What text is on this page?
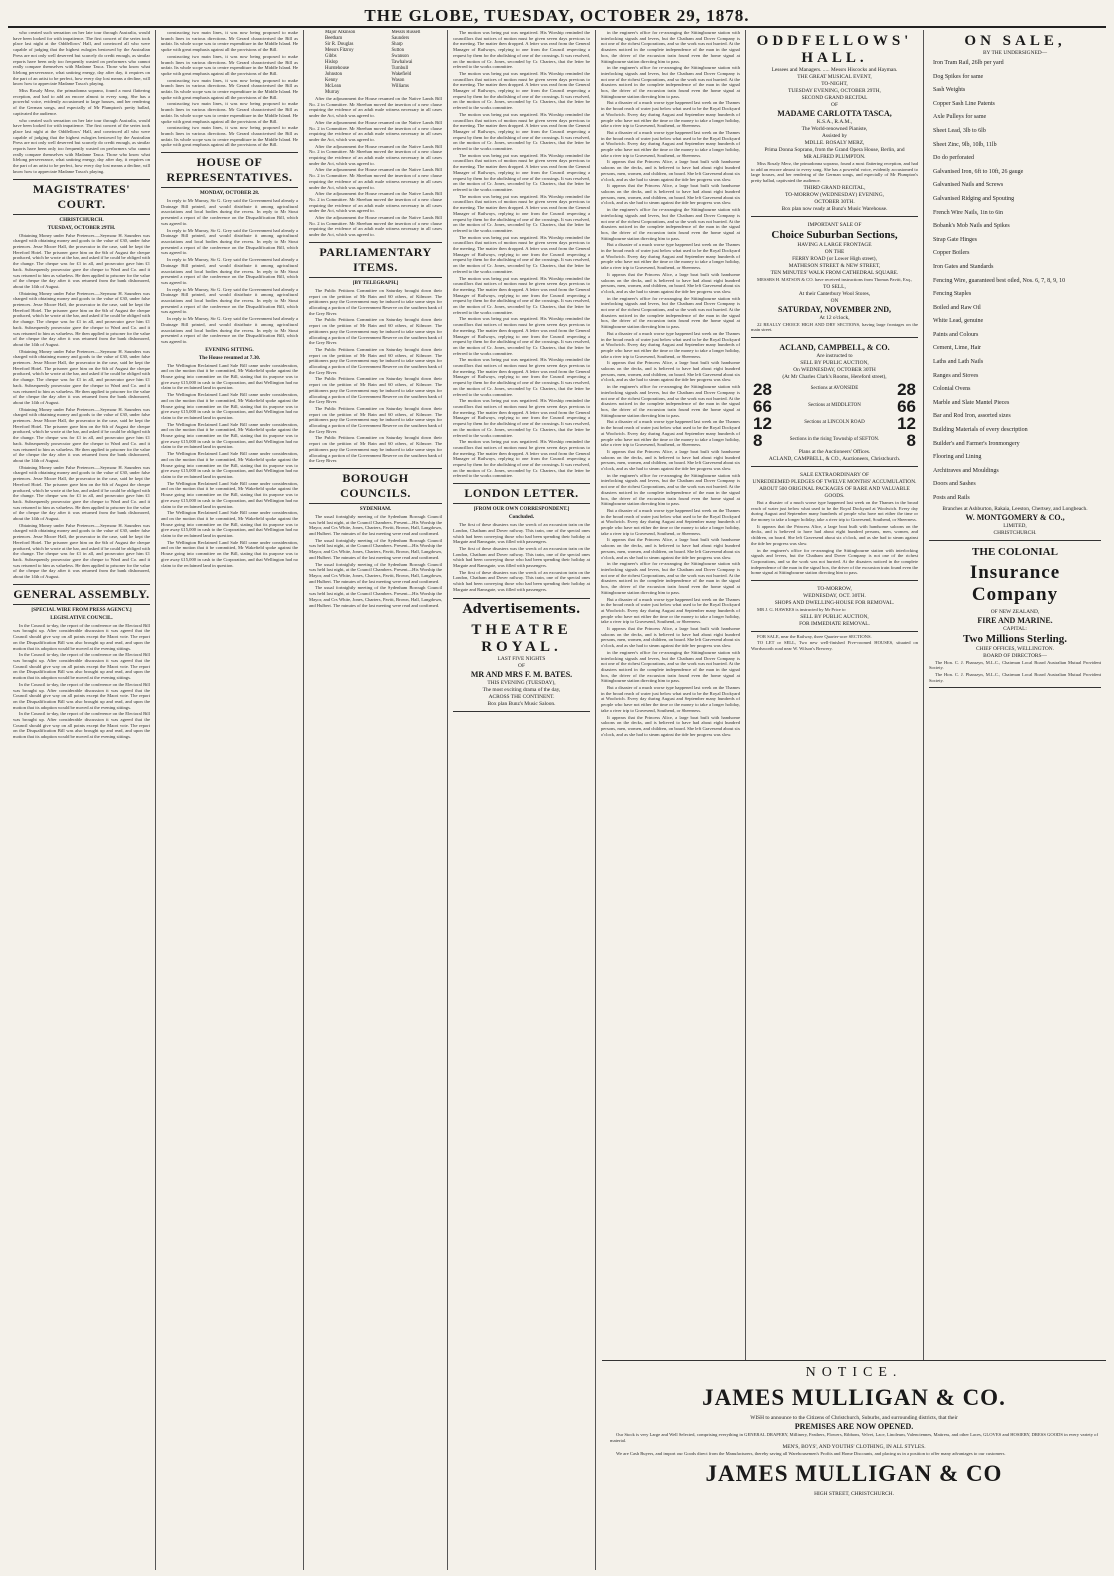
THE GLOBE, TUESDAY, OCTOBER 29, 1878.

who created such sensation on her late tour through Australia, would have been looked for with impatience. The first concert of the series took place last night at the Oddfellows' Hall, and convinced all who were capable of judging that the highest eulogies bestowed by the Australian Press are not only well deserved but scarcely do credit enough, as similar reports have been only too frequently wasted on performers who cannot really compare themselves with Madame Tasca. Those who know what lifelong perseverance, what untiring energy, day after day, it requires on the part of an artist to be perfect, how every day lost means a decline, will know how to appreciate Madame Tasca's playing.

Miss Rosaly Merz, the primadonna soprano, found a most flattering reception, and had to add an encore almost to every song. She has a powerful voice, evidently accustomed to large houses, and her rendering of the German songs, and especially of Mr Plumpton's pretty ballad, captivated the audience.

who created such sensation on her late tour through Australia, would have been looked for with impatience. The first concert of the series took place last night at the Oddfellows' Hall, and convinced all who were capable of judging that the highest eulogies bestowed by the Australian Press are not only well deserved but scarcely do credit enough, as similar reports have been only too frequently wasted on performers who cannot really compare themselves with Madame Tasca. Those who know what lifelong perseverance, what untiring energy, day after day, it requires on the part of an artist to be perfect, how every day lost means a decline, will know how to appreciate Madame Tasca's playing.

MAGISTRATES' COURT.
CHRISTCHURCH.
TUESDAY, OCTOBER 29TH.

Obtaining Money under False Pretences.—Seymour H. Saunders was charged with obtaining money and goods to the value of £30, under false pretences. Jesse Moore Hall, the prosecutor in the case, said he kept the Hereford Hotel. The prisoner gave him on the 6th of August the cheque produced, which he wrote at the bar, and asked if he could be obliged with the change. The cheque was for £1 in all, and prosecutor gave him £1 back. Subsequently prosecutor gave the cheque to Ward and Co. and it was returned to him as valueless. He then applied to prisoner for the value of the cheque the day after it was returned from the bank dishonored, about the 14th of August.

Obtaining Money under False Pretences.—Seymour H. Saunders was charged with obtaining money and goods to the value of £30, under false pretences. Jesse Moore Hall, the prosecutor in the case, said he kept the Hereford Hotel. The prisoner gave him on the 6th of August the cheque produced, which he wrote at the bar, and asked if he could be obliged with the change. The cheque was for £1 in all, and prosecutor gave him £1 back. Subsequently prosecutor gave the cheque to Ward and Co. and it was returned to him as valueless. He then applied to prisoner for the value of the cheque the day after it was returned from the bank dishonored, about the 14th of August.

Obtaining Money under False Pretences.—Seymour H. Saunders was charged with obtaining money and goods to the value of £30, under false pretences. Jesse Moore Hall, the prosecutor in the case, said he kept the Hereford Hotel. The prisoner gave him on the 6th of August the cheque produced, which he wrote at the bar, and asked if he could be obliged with the change. The cheque was for £1 in all, and prosecutor gave him £1 back. Subsequently prosecutor gave the cheque to Ward and Co. and it was returned to him as valueless. He then applied to prisoner for the value of the cheque the day after it was returned from the bank dishonored, about the 14th of August.

Obtaining Money under False Pretences.—Seymour H. Saunders was charged with obtaining money and goods to the value of £30, under false pretences. Jesse Moore Hall, the prosecutor in the case, said he kept the Hereford Hotel. The prisoner gave him on the 6th of August the cheque produced, which he wrote at the bar, and asked if he could be obliged with the change. The cheque was for £1 in all, and prosecutor gave him £1 back. Subsequently prosecutor gave the cheque to Ward and Co. and it was returned to him as valueless. He then applied to prisoner for the value of the cheque the day after it was returned from the bank dishonored, about the 14th of August.

Obtaining Money under False Pretences.—Seymour H. Saunders was charged with obtaining money and goods to the value of £30, under false pretences. Jesse Moore Hall, the prosecutor in the case, said he kept the Hereford Hotel. The prisoner gave him on the 6th of August the cheque produced, which he wrote at the bar, and asked if he could be obliged with the change. The cheque was for £1 in all, and prosecutor gave him £1 back. Subsequently prosecutor gave the cheque to Ward and Co. and it was returned to him as valueless. He then applied to prisoner for the value of the cheque the day after it was returned from the bank dishonored, about the 14th of August.

Obtaining Money under False Pretences.—Seymour H. Saunders was charged with obtaining money and goods to the value of £30, under false pretences. Jesse Moore Hall, the prosecutor in the case, said he kept the Hereford Hotel. The prisoner gave him on the 6th of August the cheque produced, which he wrote at the bar, and asked if he could be obliged with the change. The cheque was for £1 in all, and prosecutor gave him £1 back. Subsequently prosecutor gave the cheque to Ward and Co. and it was returned to him as valueless. He then applied to prisoner for the value of the cheque the day after it was returned from the bank dishonored, about the 14th of August.

GENERAL ASSEMBLY.
[SPECIAL WIRE FROM PRESS AGENCY.]
LEGISLATIVE COUNCIL.

In the Council to-day, the report of the conference on the Electoral Bill was brought up. After considerable discussion it was agreed that the Council should give way on all points except the Maori vote. The report on the Disqualification Bill was also brought up and read, and upon the motion that its adoption would be moved at the evening sittings.

In the Council to-day, the report of the conference on the Electoral Bill was brought up. After considerable discussion it was agreed that the Council should give way on all points except the Maori vote. The report on the Disqualification Bill was also brought up and read, and upon the motion that its adoption would be moved at the evening sittings.

In the Council to-day, the report of the conference on the Electoral Bill was brought up. After considerable discussion it was agreed that the Council should give way on all points except the Maori vote. The report on the Disqualification Bill was also brought up and read, and upon the motion that its adoption would be moved at the evening sittings.

In the Council to-day, the report of the conference on the Electoral Bill was brought up. After considerable discussion it was agreed that the Council should give way on all points except the Maori vote. The report on the Disqualification Bill was also brought up and read, and upon the motion that its adoption would be moved at the evening sittings.

constructing two main lines, it was now being proposed to make branch lines in various directions. Mr Gerard characterised the Bill as unfair. Its whole scope was to centre expenditure in the Middle Island. He spoke with great emphasis against all the provisions of the Bill.

constructing two main lines, it was now being proposed to make branch lines in various directions. Mr Gerard characterised the Bill as unfair. Its whole scope was to centre expenditure in the Middle Island. He spoke with great emphasis against all the provisions of the Bill.

constructing two main lines, it was now being proposed to make branch lines in various directions. Mr Gerard characterised the Bill as unfair. Its whole scope was to centre expenditure in the Middle Island. He spoke with great emphasis against all the provisions of the Bill.

constructing two main lines, it was now being proposed to make branch lines in various directions. Mr Gerard characterised the Bill as unfair. Its whole scope was to centre expenditure in the Middle Island. He spoke with great emphasis against all the provisions of the Bill.

constructing two main lines, it was now being proposed to make branch lines in various directions. Mr Gerard characterised the Bill as unfair. Its whole scope was to centre expenditure in the Middle Island. He spoke with great emphasis against all the provisions of the Bill.

HOUSE OF REPRESENTATIVES.
MONDAY, OCTOBER 28.

In reply to Mr Murray, Sir G. Grey said the Government had already a Drainage Bill printed, and would distribute it among agricultural associations and local bodies during the recess. In reply to Mr Stout presented a report of the conference on the Disqualification Bill, which was agreed to.

In reply to Mr Murray, Sir G. Grey said the Government had already a Drainage Bill printed, and would distribute it among agricultural associations and local bodies during the recess. In reply to Mr Stout presented a report of the conference on the Disqualification Bill, which was agreed to.

In reply to Mr Murray, Sir G. Grey said the Government had already a Drainage Bill printed, and would distribute it among agricultural associations and local bodies during the recess. In reply to Mr Stout presented a report of the conference on the Disqualification Bill, which was agreed to.

In reply to Mr Murray, Sir G. Grey said the Government had already a Drainage Bill printed, and would distribute it among agricultural associations and local bodies during the recess. In reply to Mr Stout presented a report of the conference on the Disqualification Bill, which was agreed to.

In reply to Mr Murray, Sir G. Grey said the Government had already a Drainage Bill printed, and would distribute it among agricultural associations and local bodies during the recess. In reply to Mr Stout presented a report of the conference on the Disqualification Bill, which was agreed to.

EVENING SITTING.
The House resumed at 7.30.

The Wellington Reclaimed Land Sale Bill came under consideration, and on the motion that it be committed, Mr Wakefield spoke against the House going into committee on the Bill, stating that its purpose was to give away £15,000 in cash to the Corporation, and that Wellington had no claim to the reclaimed land in question.

The Wellington Reclaimed Land Sale Bill came under consideration, and on the motion that it be committed, Mr Wakefield spoke against the House going into committee on the Bill, stating that its purpose was to give away £15,000 in cash to the Corporation, and that Wellington had no claim to the reclaimed land in question.

The Wellington Reclaimed Land Sale Bill came under consideration, and on the motion that it be committed, Mr Wakefield spoke against the House going into committee on the Bill, stating that its purpose was to give away £15,000 in cash to the Corporation, and that Wellington had no claim to the reclaimed land in question.

The Wellington Reclaimed Land Sale Bill came under consideration, and on the motion that it be committed, Mr Wakefield spoke against the House going into committee on the Bill, stating that its purpose was to give away £15,000 in cash to the Corporation, and that Wellington had no claim to the reclaimed land in question.

The Wellington Reclaimed Land Sale Bill came under consideration, and on the motion that it be committed, Mr Wakefield spoke against the House going into committee on the Bill, stating that its purpose was to give away £15,000 in cash to the Corporation, and that Wellington had no claim to the reclaimed land in question.

The Wellington Reclaimed Land Sale Bill came under consideration, and on the motion that it be committed, Mr Wakefield spoke against the House going into committee on the Bill, stating that its purpose was to give away £15,000 in cash to the Corporation, and that Wellington had no claim to the reclaimed land in question.

The Wellington Reclaimed Land Sale Bill came under consideration, and on the motion that it be committed, Mr Wakefield spoke against the House going into committee on the Bill, stating that its purpose was to give away £15,000 in cash to the Corporation, and that Wellington had no claim to the reclaimed land in question.

Major Atkinson
Beetham
Sir R. Douglas
Messrs Fitzroy
Gibbs
Hislop
Hurstehouse
Johnston
Kenny
McLean
Murray
Messrs Russell
Saunders
Sharp
Sutton
Swanson
Tawhaiwai
Turnbull
Wakefield
Wason
Williams

After the adjournment the House resumed on the Native Lands Bill No. 2 in Committee. Mr Sheehan moved the insertion of a new clause requiring the evidence of an adult male witness necessary in all cases under the Act, which was agreed to.

After the adjournment the House resumed on the Native Lands Bill No. 2 in Committee. Mr Sheehan moved the insertion of a new clause requiring the evidence of an adult male witness necessary in all cases under the Act, which was agreed to.

After the adjournment the House resumed on the Native Lands Bill No. 2 in Committee. Mr Sheehan moved the insertion of a new clause requiring the evidence of an adult male witness necessary in all cases under the Act, which was agreed to.

After the adjournment the House resumed on the Native Lands Bill No. 2 in Committee. Mr Sheehan moved the insertion of a new clause requiring the evidence of an adult male witness necessary in all cases under the Act, which was agreed to.

After the adjournment the House resumed on the Native Lands Bill No. 2 in Committee. Mr Sheehan moved the insertion of a new clause requiring the evidence of an adult male witness necessary in all cases under the Act, which was agreed to.

After the adjournment the House resumed on the Native Lands Bill No. 2 in Committee. Mr Sheehan moved the insertion of a new clause requiring the evidence of an adult male witness necessary in all cases under the Act, which was agreed to.

PARLIAMENTARY ITEMS.
[BY TELEGRAPH.]

The Public Petitions Committee on Saturday brought down their report on the petition of Mr Bain and 60 others, of Kilmore. The petitioners pray the Government may be induced to take some steps for allocating a portion of the Government Reserve on the southern bank of the Grey River.

The Public Petitions Committee on Saturday brought down their report on the petition of Mr Bain and 60 others, of Kilmore. The petitioners pray the Government may be induced to take some steps for allocating a portion of the Government Reserve on the southern bank of the Grey River.

The Public Petitions Committee on Saturday brought down their report on the petition of Mr Bain and 60 others, of Kilmore. The petitioners pray the Government may be induced to take some steps for allocating a portion of the Government Reserve on the southern bank of the Grey River.

The Public Petitions Committee on Saturday brought down their report on the petition of Mr Bain and 60 others, of Kilmore. The petitioners pray the Government may be induced to take some steps for allocating a portion of the Government Reserve on the southern bank of the Grey River.

The Public Petitions Committee on Saturday brought down their report on the petition of Mr Bain and 60 others, of Kilmore. The petitioners pray the Government may be induced to take some steps for allocating a portion of the Government Reserve on the southern bank of the Grey River.

The Public Petitions Committee on Saturday brought down their report on the petition of Mr Bain and 60 others, of Kilmore. The petitioners pray the Government may be induced to take some steps for allocating a portion of the Government Reserve on the southern bank of the Grey River.

BOROUGH COUNCILS.
SYDENHAM.

The usual fortnightly meeting of the Sydenham Borough Council was held last night, at the Council Chambers. Present—His Worship the Mayor, and Crs White, Jones, Charters, Pavitt, Brown, Hall, Langdown, and Hulbert. The minutes of the last meeting were read and confirmed.

The usual fortnightly meeting of the Sydenham Borough Council was held last night, at the Council Chambers. Present—His Worship the Mayor, and Crs White, Jones, Charters, Pavitt, Brown, Hall, Langdown, and Hulbert. The minutes of the last meeting were read and confirmed.

The usual fortnightly meeting of the Sydenham Borough Council was held last night, at the Council Chambers. Present—His Worship the Mayor, and Crs White, Jones, Charters, Pavitt, Brown, Hall, Langdown, and Hulbert. The minutes of the last meeting were read and confirmed.

The usual fortnightly meeting of the Sydenham Borough Council was held last night, at the Council Chambers. Present—His Worship the Mayor, and Crs White, Jones, Charters, Pavitt, Brown, Hall, Langdown, and Hulbert. The minutes of the last meeting were read and confirmed.

The motion was being put was negatived. His Worship reminded the councillors that notices of motion must be given seven days previous to the meeting. The matter then dropped. A letter was read from the General Manager of Railways, replying to one from the Council respecting a request by them for the abolishing of one of the crossings. It was resolved, on the motion of Cr. Jones, seconded by Cr. Charters, that the letter be referred to the works committee.

The motion was being put was negatived. His Worship reminded the councillors that notices of motion must be given seven days previous to the meeting. The matter then dropped. A letter was read from the General Manager of Railways, replying to one from the Council respecting a request by them for the abolishing of one of the crossings. It was resolved, on the motion of Cr. Jones, seconded by Cr. Charters, that the letter be referred to the works committee.

The motion was being put was negatived. His Worship reminded the councillors that notices of motion must be given seven days previous to the meeting. The matter then dropped. A letter was read from the General Manager of Railways, replying to one from the Council respecting a request by them for the abolishing of one of the crossings. It was resolved, on the motion of Cr. Jones, seconded by Cr. Charters, that the letter be referred to the works committee.

The motion was being put was negatived. His Worship reminded the councillors that notices of motion must be given seven days previous to the meeting. The matter then dropped. A letter was read from the General Manager of Railways, replying to one from the Council respecting a request by them for the abolishing of one of the crossings. It was resolved, on the motion of Cr. Jones, seconded by Cr. Charters, that the letter be referred to the works committee.

The motion was being put was negatived. His Worship reminded the councillors that notices of motion must be given seven days previous to the meeting. The matter then dropped. A letter was read from the General Manager of Railways, replying to one from the Council respecting a request by them for the abolishing of one of the crossings. It was resolved, on the motion of Cr. Jones, seconded by Cr. Charters, that the letter be referred to the works committee.

The motion was being put was negatived. His Worship reminded the councillors that notices of motion must be given seven days previous to the meeting. The matter then dropped. A letter was read from the General Manager of Railways, replying to one from the Council respecting a request by them for the abolishing of one of the crossings. It was resolved, on the motion of Cr. Jones, seconded by Cr. Charters, that the letter be referred to the works committee.

The motion was being put was negatived. His Worship reminded the councillors that notices of motion must be given seven days previous to the meeting. The matter then dropped. A letter was read from the General Manager of Railways, replying to one from the Council respecting a request by them for the abolishing of one of the crossings. It was resolved, on the motion of Cr. Jones, seconded by Cr. Charters, that the letter be referred to the works committee.

The motion was being put was negatived. His Worship reminded the councillors that notices of motion must be given seven days previous to the meeting. The matter then dropped. A letter was read from the General Manager of Railways, replying to one from the Council respecting a request by them for the abolishing of one of the crossings. It was resolved, on the motion of Cr. Jones, seconded by Cr. Charters, that the letter be referred to the works committee.

The motion was being put was negatived. His Worship reminded the councillors that notices of motion must be given seven days previous to the meeting. The matter then dropped. A letter was read from the General Manager of Railways, replying to one from the Council respecting a request by them for the abolishing of one of the crossings. It was resolved, on the motion of Cr. Jones, seconded by Cr. Charters, that the letter be referred to the works committee.

The motion was being put was negatived. His Worship reminded the councillors that notices of motion must be given seven days previous to the meeting. The matter then dropped. A letter was read from the General Manager of Railways, replying to one from the Council respecting a request by them for the abolishing of one of the crossings. It was resolved, on the motion of Cr. Jones, seconded by Cr. Charters, that the letter be referred to the works committee.

The motion was being put was negatived. His Worship reminded the councillors that notices of motion must be given seven days previous to the meeting. The matter then dropped. A letter was read from the General Manager of Railways, replying to one from the Council respecting a request by them for the abolishing of one of the crossings. It was resolved, on the motion of Cr. Jones, seconded by Cr. Charters, that the letter be referred to the works committee.

LONDON LETTER.
[FROM OUR OWN CORRESPONDENT.]
Concluded.

The first of these disasters was the wreck of an excursion train on the London, Chatham and Dover railway. This train, one of the special ones which had been conveying those who had been spending their holiday at Margate and Ramsgate, was filled with passengers.

The first of these disasters was the wreck of an excursion train on the London, Chatham and Dover railway. This train, one of the special ones which had been conveying those who had been spending their holiday at Margate and Ramsgate, was filled with passengers.

The first of these disasters was the wreck of an excursion train on the London, Chatham and Dover railway. This train, one of the special ones which had been conveying those who had been spending their holiday at Margate and Ramsgate, was filled with passengers.

Advertisements.
THEATRE ROYAL.
LAST FIVE NIGHTS
OF
MR AND MRS F. M. BATES.
THIS EVENING (TUESDAY),
The most exciting drama of the day,
ACROSS THE CONTINENT.
Box plan Bunz's Music Saloon.

in the engineer's office for re-arranging the Sittingbourne station with interlocking signals and levers, but the Chatham and Dover Company is not one of the richest Corporations, and so the work was not hurried. At the disasters noticed in the complete independence of the man in the signal box, the driver of the excursion train found even the home signal at Sittingbourne station directing him to pass.

in the engineer's office for re-arranging the Sittingbourne station with interlocking signals and levers, but the Chatham and Dover Company is not one of the richest Corporations, and so the work was not hurried. At the disasters noticed in the complete independence of the man in the signal box, the driver of the excursion train found even the home signal at Sittingbourne station directing him to pass.

But a disaster of a much worse type happened last week on the Thames in the broad reach of water just below what used to be the Royal Dockyard at Woolwich. Every day during August and September many hundreds of people who have not either the time or the money to take a longer holiday, take a river trip to Gravesend, Southend, or Sheerness.

But a disaster of a much worse type happened last week on the Thames in the broad reach of water just below what used to be the Royal Dockyard at Woolwich. Every day during August and September many hundreds of people who have not either the time or the money to take a longer holiday, take a river trip to Gravesend, Southend, or Sheerness.

It appears that the Princess Alice, a large boat built with handsome saloons on the decks, and is believed to have had about eight hundred persons, men, women, and children, on board. She left Gravesend about six o'clock, and as she had to steam against the tide her progress was slow.

It appears that the Princess Alice, a large boat built with handsome saloons on the decks, and is believed to have had about eight hundred persons, men, women, and children, on board. She left Gravesend about six o'clock, and as she had to steam against the tide her progress was slow.

in the engineer's office for re-arranging the Sittingbourne station with interlocking signals and levers, but the Chatham and Dover Company is not one of the richest Corporations, and so the work was not hurried. At the disasters noticed in the complete independence of the man in the signal box, the driver of the excursion train found even the home signal at Sittingbourne station directing him to pass.

But a disaster of a much worse type happened last week on the Thames in the broad reach of water just below what used to be the Royal Dockyard at Woolwich. Every day during August and September many hundreds of people who have not either the time or the money to take a longer holiday, take a river trip to Gravesend, Southend, or Sheerness.

It appears that the Princess Alice, a large boat built with handsome saloons on the decks, and is believed to have had about eight hundred persons, men, women, and children, on board. She left Gravesend about six o'clock, and as she had to steam against the tide her progress was slow.

in the engineer's office for re-arranging the Sittingbourne station with interlocking signals and levers, but the Chatham and Dover Company is not one of the richest Corporations, and so the work was not hurried. At the disasters noticed in the complete independence of the man in the signal box, the driver of the excursion train found even the home signal at Sittingbourne station directing him to pass.

But a disaster of a much worse type happened last week on the Thames in the broad reach of water just below what used to be the Royal Dockyard at Woolwich. Every day during August and September many hundreds of people who have not either the time or the money to take a longer holiday, take a river trip to Gravesend, Southend, or Sheerness.

It appears that the Princess Alice, a large boat built with handsome saloons on the decks, and is believed to have had about eight hundred persons, men, women, and children, on board. She left Gravesend about six o'clock, and as she had to steam against the tide her progress was slow.

in the engineer's office for re-arranging the Sittingbourne station with interlocking signals and levers, but the Chatham and Dover Company is not one of the richest Corporations, and so the work was not hurried. At the disasters noticed in the complete independence of the man in the signal box, the driver of the excursion train found even the home signal at Sittingbourne station directing him to pass.

But a disaster of a much worse type happened last week on the Thames in the broad reach of water just below what used to be the Royal Dockyard at Woolwich. Every day during August and September many hundreds of people who have not either the time or the money to take a longer holiday, take a river trip to Gravesend, Southend, or Sheerness.

It appears that the Princess Alice, a large boat built with handsome saloons on the decks, and is believed to have had about eight hundred persons, men, women, and children, on board. She left Gravesend about six o'clock, and as she had to steam against the tide her progress was slow.

in the engineer's office for re-arranging the Sittingbourne station with interlocking signals and levers, but the Chatham and Dover Company is not one of the richest Corporations, and so the work was not hurried. At the disasters noticed in the complete independence of the man in the signal box, the driver of the excursion train found even the home signal at Sittingbourne station directing him to pass.

But a disaster of a much worse type happened last week on the Thames in the broad reach of water just below what used to be the Royal Dockyard at Woolwich. Every day during August and September many hundreds of people who have not either the time or the money to take a longer holiday, take a river trip to Gravesend, Southend, or Sheerness.

It appears that the Princess Alice, a large boat built with handsome saloons on the decks, and is believed to have had about eight hundred persons, men, women, and children, on board. She left Gravesend about six o'clock, and as she had to steam against the tide her progress was slow.

in the engineer's office for re-arranging the Sittingbourne station with interlocking signals and levers, but the Chatham and Dover Company is not one of the richest Corporations, and so the work was not hurried. At the disasters noticed in the complete independence of the man in the signal box, the driver of the excursion train found even the home signal at Sittingbourne station directing him to pass.

But a disaster of a much worse type happened last week on the Thames in the broad reach of water just below what used to be the Royal Dockyard at Woolwich. Every day during August and September many hundreds of people who have not either the time or the money to take a longer holiday, take a river trip to Gravesend, Southend, or Sheerness.

It appears that the Princess Alice, a large boat built with handsome saloons on the decks, and is believed to have had about eight hundred persons, men, women, and children, on board. She left Gravesend about six o'clock, and as she had to steam against the tide her progress was slow.

in the engineer's office for re-arranging the Sittingbourne station with interlocking signals and levers, but the Chatham and Dover Company is not one of the richest Corporations, and so the work was not hurried. At the disasters noticed in the complete independence of the man in the signal box, the driver of the excursion train found even the home signal at Sittingbourne station directing him to pass.

But a disaster of a much worse type happened last week on the Thames in the broad reach of water just below what used to be the Royal Dockyard at Woolwich. Every day during August and September many hundreds of people who have not either the time or the money to take a longer holiday, take a river trip to Gravesend, Southend, or Sheerness.

It appears that the Princess Alice, a large boat built with handsome saloons on the decks, and is believed to have had about eight hundred persons, men, women, and children, on board. She left Gravesend about six o'clock, and as she had to steam against the tide her progress was slow.

ODDFELLOWS' HALL.
Lessees and Managers. ..... Messrs Hiscocks and Hayman.
THE GREAT MUSICAL EVENT,
TO-NIGHT,
TUESDAY EVENING, OCTOBER 29TH,
SECOND GRAND RECITAL
OF
MADAME CARLOTTA TASCA,
K.S.A., R.A.M.,
The World-renowned Pianiste,
Assisted by
MDLLE. ROSALY MERZ,
Prima Donna Soprano, from the Grand Opera House, Berlin, and
MR ALFRED PLUMPTON.

Miss Rosaly Merz, the primadonna soprano, found a most flattering reception, and had to add an encore almost to every song. She has a powerful voice, evidently accustomed to large houses, and her rendering of the German songs, and especially of Mr Plumpton's pretty ballad, captivated the audience.

THIRD GRAND RECITAL,
TO-MORROW (WEDNESDAY) EVENING,
OCTOBER 30TH.
Box plan now ready at Bunz's Music Warehouse.
IMPORTANT SALE OF
Choice Suburban Sections,
HAVING A LARGE FRONTAGE
ON THE
FERRY ROAD (or Lower High street),
MATHESON STREET & NEW STREET,
TEN MINUTES' WALK FROM CATHEDRAL SQUARE.

MESSRS H. MATSON & CO. have received instructions from Thomas Pavitt, Esq.,

TO SELL,
At their Canterbury Wool Stores,
ON
SATURDAY, NOVEMBER 2ND,
At 12 o'clock,

22 REALLY CHOICE HIGH AND DRY SECTIONS, having large frontages on the main street.

ACLAND, CAMPBELL, & CO.
Are instructed to
SELL BY PUBLIC AUCTION,
On WEDNESDAY, OCTOBER 30TH
(At Mr Charles Clark's Rooms, Hereford street),
28	Sections at AVONSIDE	28
66	Sections at MIDDLETON	66
12	Sections at LINCOLN ROAD	12
8	Sections in the rising Township of SEFTON.	8
Plans at the Auctioneers' Offices.
ACLAND, CAMPBELL, & CO., Auctioneers, Christchurch.
SALE EXTRAORDINARY OF
UNREDEEMED PLEDGES OF TWELVE MONTHS' ACCUMULATION.
ABOUT 500 ORIGINAL PACKAGES OF RARE AND VALUABLE GOODS.

But a disaster of a much worse type happened last week on the Thames in the broad reach of water just below what used to be the Royal Dockyard at Woolwich. Every day during August and September many hundreds of people who have not either the time or the money to take a longer holiday, take a river trip to Gravesend, Southend, or Sheerness.

It appears that the Princess Alice, a large boat built with handsome saloons on the decks, and is believed to have had about eight hundred persons, men, women, and children, on board. She left Gravesend about six o'clock, and as she had to steam against the tide her progress was slow.

in the engineer's office for re-arranging the Sittingbourne station with interlocking signals and levers, but the Chatham and Dover Company is not one of the richest Corporations, and so the work was not hurried. At the disasters noticed in the complete independence of the man in the signal box, the driver of the excursion train found even the home signal at Sittingbourne station directing him to pass.

TO-MORROW,
WEDNESDAY, OCT. 30TH.
SHOPS AND DWELLING-HOUSE FOR REMOVAL.

MR J. G. HAWKES is instructed by Mr Price to

SELL BY PUBLIC AUCTION,
FOR IMMEDIATE REMOVAL.

FOR SALE, near the Railway, three Quarter-acre SECTIONS.

TO LET or SELL, Two new well-finished Five-roomed HOUSES, situated on Wordsworth road near W. Wilson's Brewery.

ON SALE,
BY THE UNDERSIGNED—
Iron Tram Rail, 26lb per yard
Dog Spikes for same
Sash Weights
Copper Sash Line Patents
Axle Pulleys for same
Sheet Lead, 3lb to 6lb
Sheet Zinc, 9lb, 10lb, 11lb
Do do perforated
Galvanised Iron, 6ft to 10ft, 26 gauge
Galvanised Nails and Screws
Galvanised Ridging and Spouting
French Wire Nails, 1in to 6in
Bobank's Mob Nails and Spikes
Strap Gate Hinges
Copper Boilers
Iron Gates and Standards
Fencing Wire, guaranteed best oiled, Nos. 6, 7, 8, 9, 10
Fencing Staples
Boiled and Raw Oil
White Lead, genuine
Paints and Colours
Cement, Lime, Hair
Laths and Lath Nails
Ranges and Stoves
Colonial Ovens
Marble and Slate Mantel Pieces
Bar and Rod Iron, assorted sizes
Building Materials of every description
Builder's and Farmer's Ironmongery
Flooring and Lining
Architraves and Mouldings
Doors and Sashes
Posts and Rails
Branches at Ashburton, Rakaia, Leeston, Chertsey, and Longbeach.
W. MONTGOMERY & CO.,
LIMITED,
CHRISTCHURCH.
THE COLONIAL
Insurance Company
OF NEW ZEALAND,
FIRE AND MARINE.
CAPITAL:
Two Millions Sterling.
CHIEF OFFICES, WELLINGTON.
BOARD OF DIRECTORS—

The Hon. C. J. Pharazyn, M.L.C., Chairman Local Board Australian Mutual Provident Society.

The Hon. C. J. Pharazyn, M.L.C., Chairman Local Board Australian Mutual Provident Society.

NOTICE.
JAMES MULLIGAN & CO.
WISH to announce to the Citizens of Christchurch, Suburbs, and surrounding districts, that their
PREMISES ARE NOW OPENED.

Our Stock is very Large and Well Selected, comprising everything in GENERAL DRAPERY, Millinery, Feathers, Flowers, Ribbons, Velvet, Lace, Linoleum, Valenciennes, Mattress, and other Laces, GLOVES and HOSIERY, DRESS GOODS in every variety of material.

MEN'S, BOYS', AND YOUTHS' CLOTHING, IN ALL STYLES.

We are Cash Buyers, and import our Goods direct from the Manufacturers, thereby saving all Warehousemen's Profits and Home Discounts, and placing us in a position to offer many advantages to our customers.

JAMES MULLIGAN & CO
HIGH STREET, CHRISTCHURCH.
